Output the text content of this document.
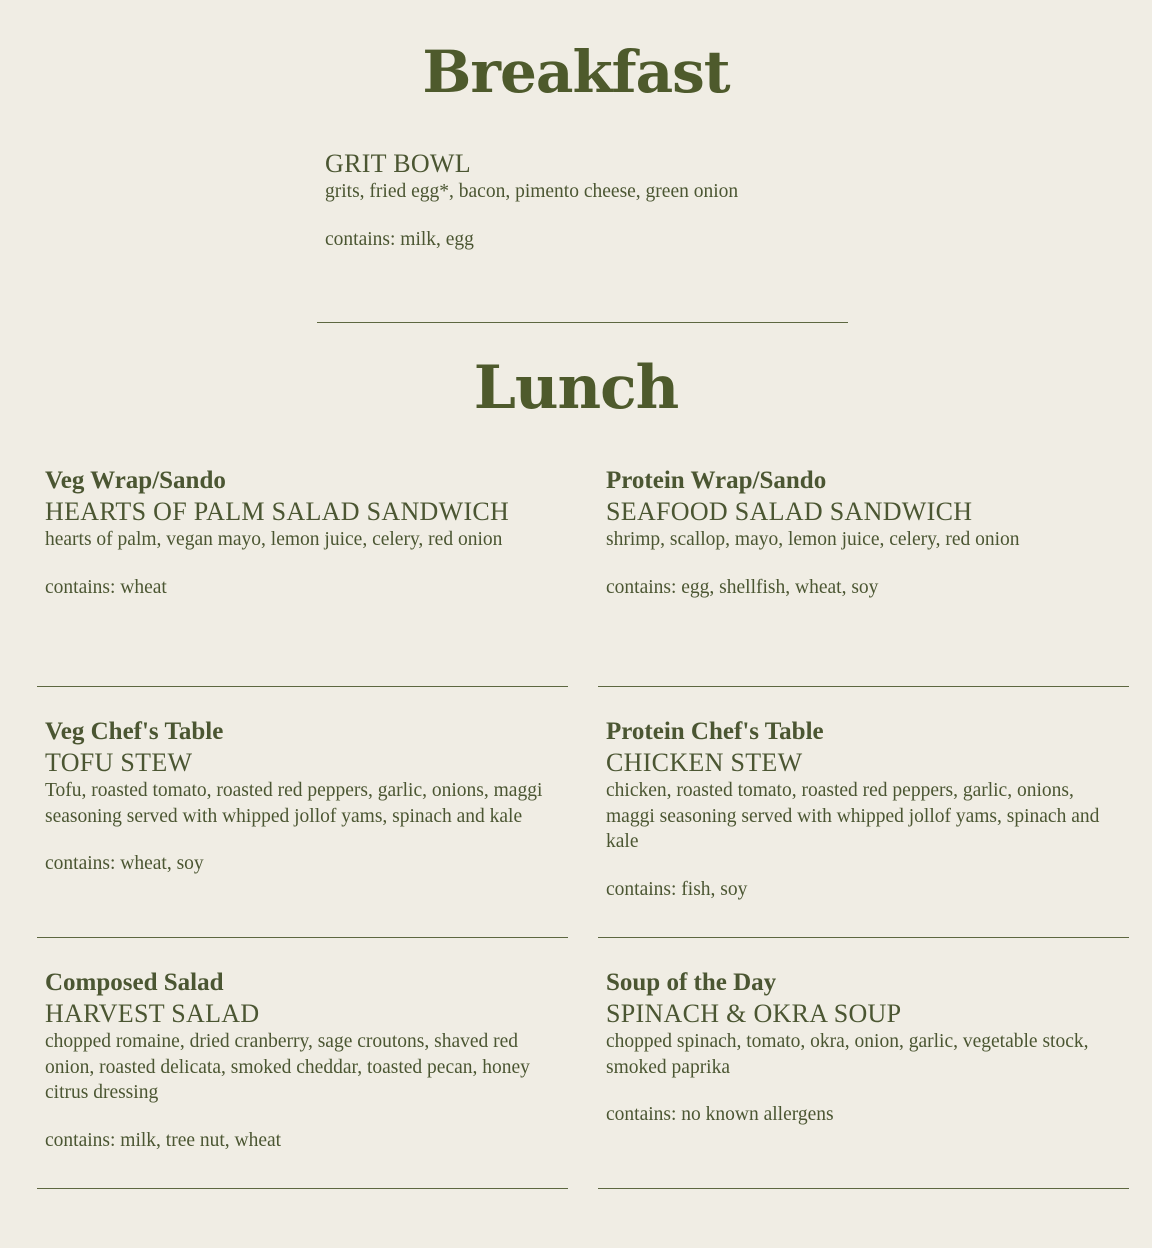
Breakfast
GRIT BOWL
grits, fried egg*, bacon, pimento cheese, green onion
contains: milk, egg
Lunch
Veg Wrap/Sando
HEARTS OF PALM SALAD SANDWICH
hearts of palm, vegan mayo, lemon juice, celery, red onion
contains: wheat
Protein Wrap/Sando
SEAFOOD SALAD SANDWICH
shrimp, scallop, mayo, lemon juice, celery, red onion
contains: egg, shellfish, wheat, soy
Veg Chef's Table
TOFU STEW
Tofu, roasted tomato, roasted red peppers, garlic, onions, maggi seasoning served with whipped jollof yams, spinach and kale
contains: wheat, soy
Protein Chef's Table
CHICKEN STEW
chicken, roasted tomato, roasted red peppers, garlic, onions, maggi seasoning served with whipped jollof yams, spinach and kale
contains: fish, soy
Composed Salad
HARVEST SALAD
chopped romaine, dried cranberry, sage croutons, shaved red onion, roasted delicata, smoked cheddar, toasted pecan, honey citrus dressing
contains: milk, tree nut, wheat
Soup of the Day
SPINACH & OKRA SOUP
chopped spinach, tomato, okra, onion, garlic, vegetable stock, smoked paprika
contains: no known allergens
